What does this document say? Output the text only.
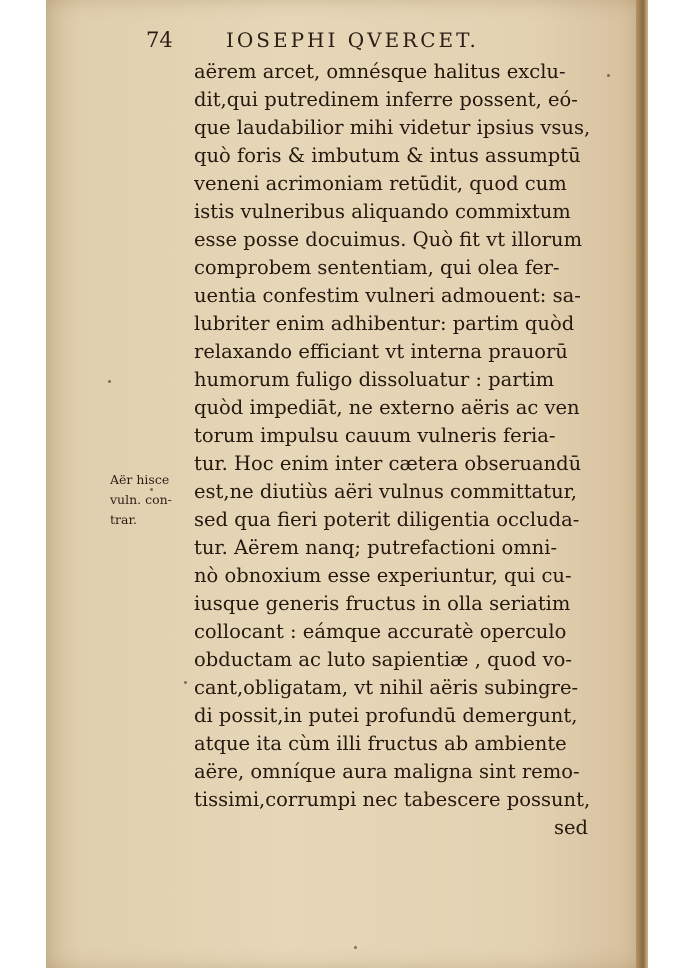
74	IOSEPHI QVERCET.
Aër hisce
vuln. con-
trar.
aërem arcet, omnésque halitus exclu-
dit,qui putredinem inferre possent, eó-
que laudabilior mihi videtur ipsius vsus,
quò foris & imbutum & intus assumptū
veneni acrimoniam retūdit, quod cum
istis vulneribus aliquando commixtum
esse posse docuimus. Quò fit vt illorum
comprobem sententiam, qui olea fer-
uentia confestim vulneri admouent: sa-
lubriter enim adhibentur: partim quòd
relaxando efficiant vt interna prauorū
humorum fuligo dissoluatur : partim
quòd impediāt, ne externo aëris ac ven
torum impulsu cauum vulneris feria-
tur. Hoc enim inter cætera obseruandū
est,ne diutiùs aëri vulnus committatur,
sed qua fieri poterit diligentia occluda-
tur. Aërem nanq; putrefactioni omni-
nò obnoxium esse experiuntur, qui cu-
iusque generis fructus in olla seriatim
collocant : eámque accuratè operculo
obductam ac luto sapientiæ , quod vo-
cant,obligatam, vt nihil aëris subingre-
di possit,in putei profundū demergunt,
atque ita cùm illi fructus ab ambiente
aëre, omníque aura maligna sint remo-
tissimi,corrumpi nec tabescere possunt,
sed
